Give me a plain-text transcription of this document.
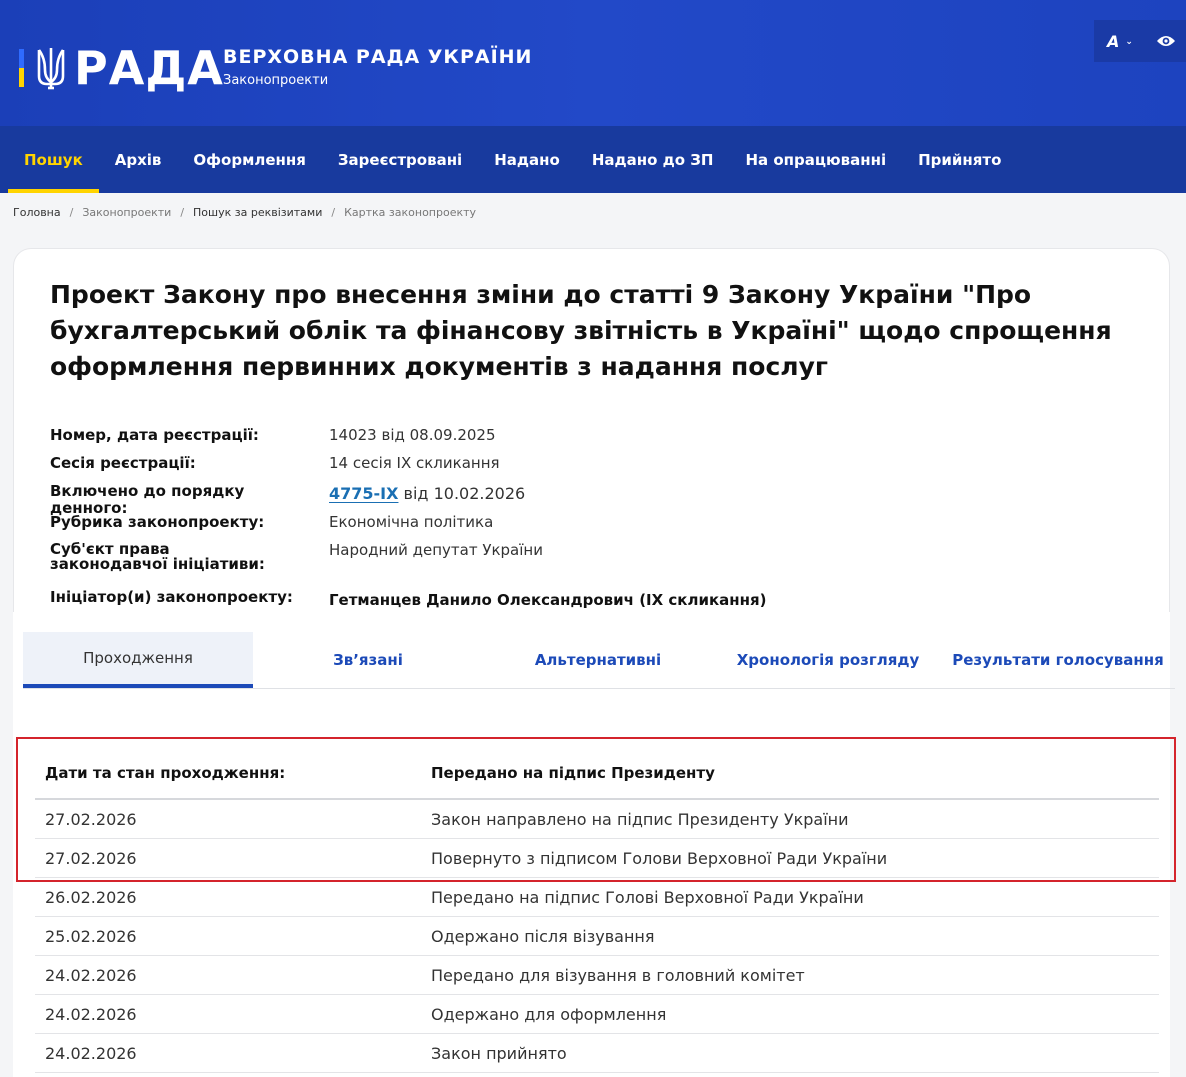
РАДА ВЕРХОВНА РАДА УКРАЇНИ
Законопроекти
A ⌄
Пошук	Архів	Оформлення	Зареєстровані	Надано	Надано до ЗП	На опрацюванні	Прийнято
Головна / Законопроекти / Пошук за реквізитами / Картка законопроекту
Проект Закону про внесення зміни до статті 9 Закону України "Про бухгалтерський облік та фінансову звітність в Україні" щодо спрощення оформлення первинних документів з надання послуг
Номер, дата реєстрації:	14023 від 08.09.2025
Сесія реєстрації:	14 сесія IX скликання
Включено до порядку денного:
4775-IX від 10.02.2026
Рубрика законопроекту:	Економічна політика
Суб'єкт права законодавчої ініціативи:
Народний депутат України
Ініціатор(и) законопроекту:	Гетманцев Данило Олександрович (IX скликання)
Проходження	Зв’язані	Альтернативні	Хронологія розгляду	Результати голосування
Дати та стан проходження:	Передано на підпис Президенту
27.02.2026	Закон направлено на підпис Президенту України
27.02.2026	Повернуто з підписом Голови Верховної Ради України
26.02.2026	Передано на підпис Голові Верховної Ради України
25.02.2026	Одержано після візування
24.02.2026	Передано для візування в головний комітет
24.02.2026	Одержано для оформлення
24.02.2026	Закон прийнято
